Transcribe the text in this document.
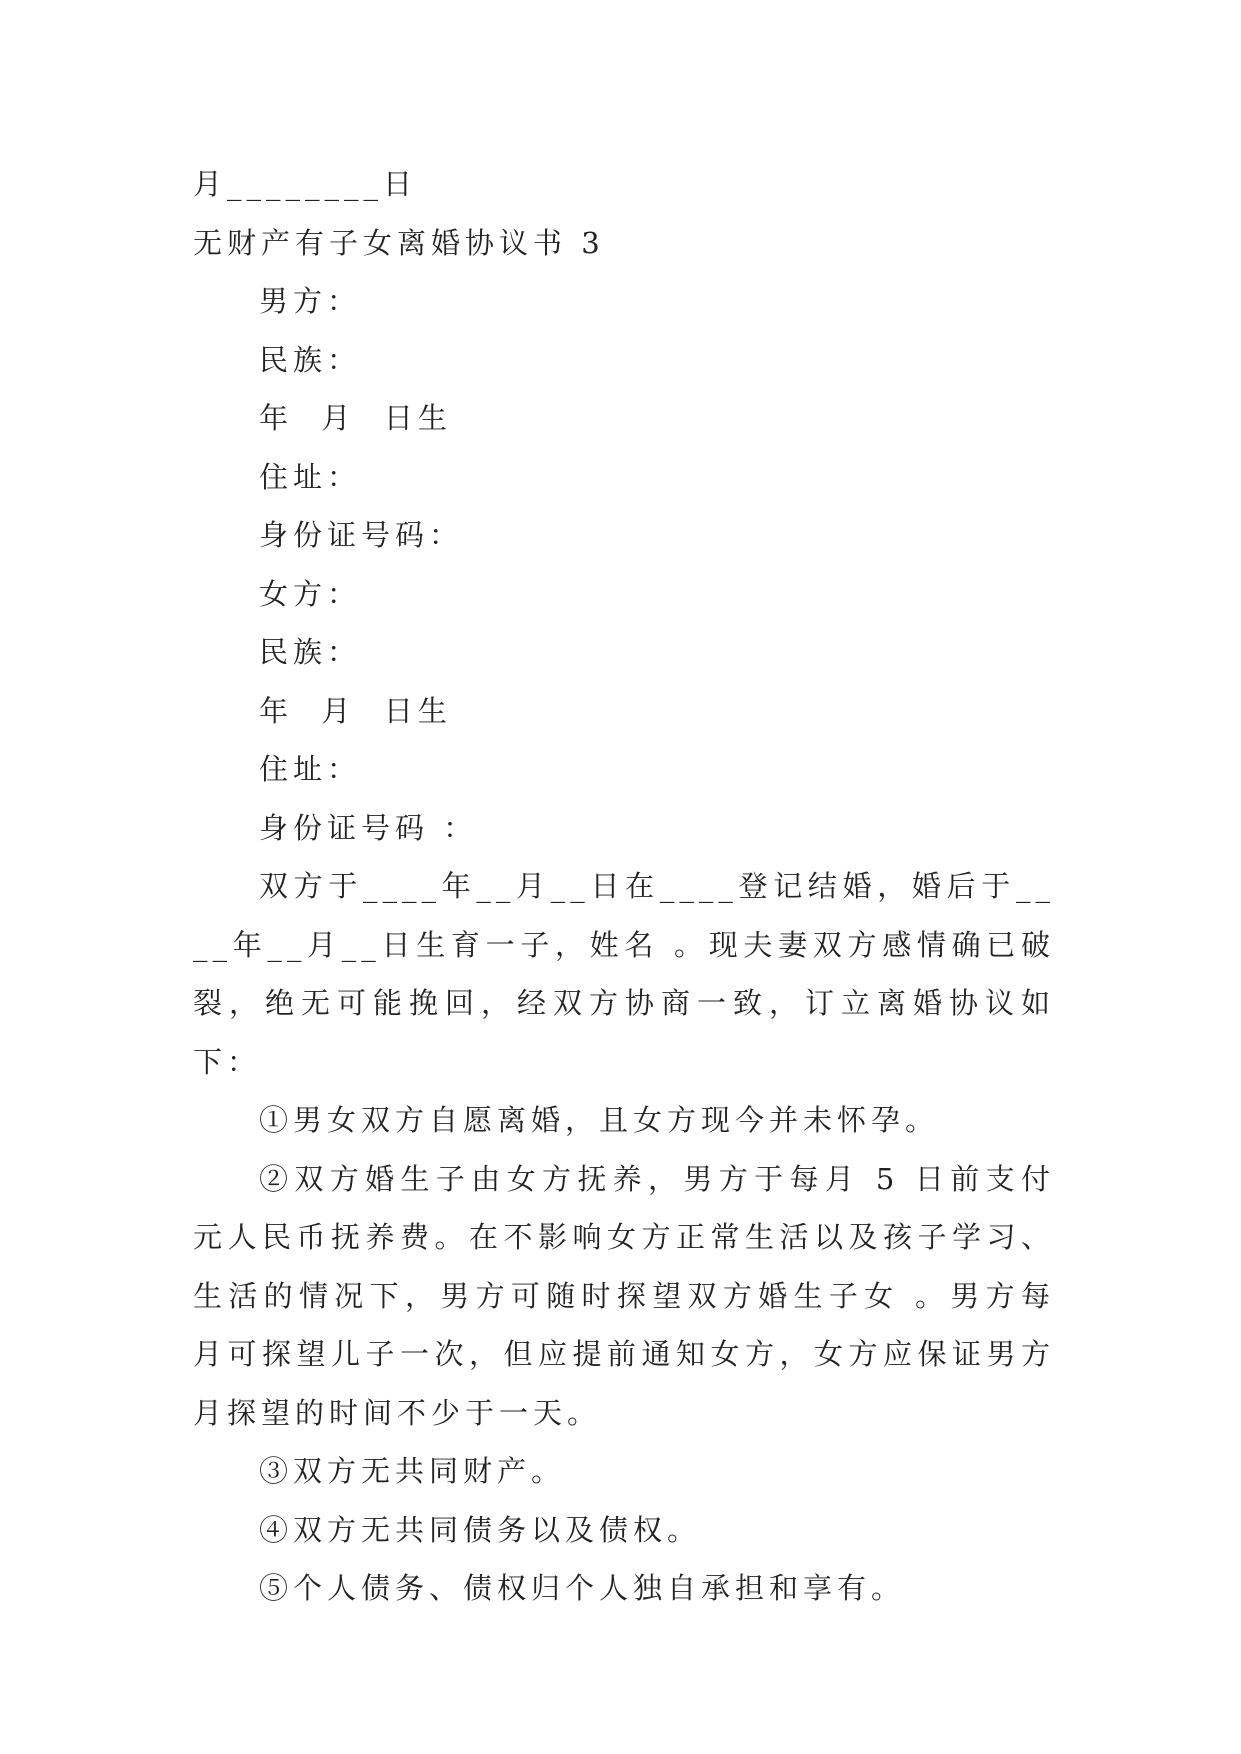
月________日

无财产有子女离婚协议书 3

男方：

民族：

年  月  日生

住址：

身份证号码：

女方：

民族：

年  月  日生

住址：

身份证号码 ：

双方于____年__月__日在____登记结婚，婚后于____年__月__日生育一子，姓名 。现夫妻双方感情确已破裂，绝无可能挽回，经双方协商一致，订立离婚协议如下：

①男女双方自愿离婚，且女方现今并未怀孕。

②双方婚生子由女方抚养，男方于每月 5 日前支付元人民币抚养费。在不影响女方正常生活以及孩子学习、生活的情况下，男方可随时探望双方婚生子女 。男方每月可探望儿子一次，但应提前通知女方，女方应保证男方月探望的时间不少于一天。

③双方无共同财产。

④双方无共同债务以及债权。

⑤个人债务、债权归个人独自承担和享有。
